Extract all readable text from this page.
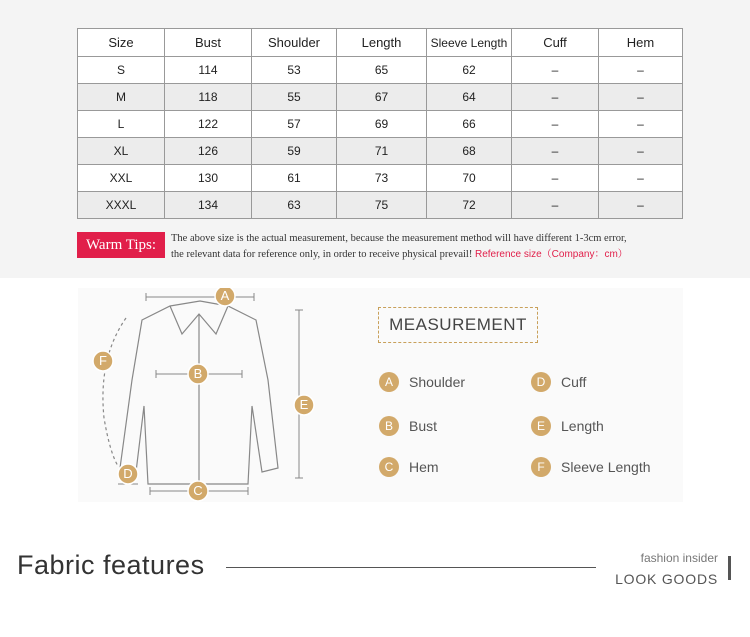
Size	Bust	Shoulder	Length	Sleeve Length	Cuff	Hem
S	114	53	65	62	–	–
M	118	55	67	64	–	–
L	122	57	69	66	–	–
XL	126	59	71	68	–	–
XXL	130	61	73	70	–	–
XXXL	134	63	75	72	–	–
Warm Tips:	The above size is the actual measurement, because the measurement method will have different 1-3cm error,
the relevant data for reference only, in order to receive physical prevail! Reference size（Company：cm）
A
B
C
D
E
F
MEASUREMENT
A Shoulder
B Bust
C Hem
D Cuff
E Length
F Sleeve Length
Fabric features	fashion insider
LOOK GOODS
